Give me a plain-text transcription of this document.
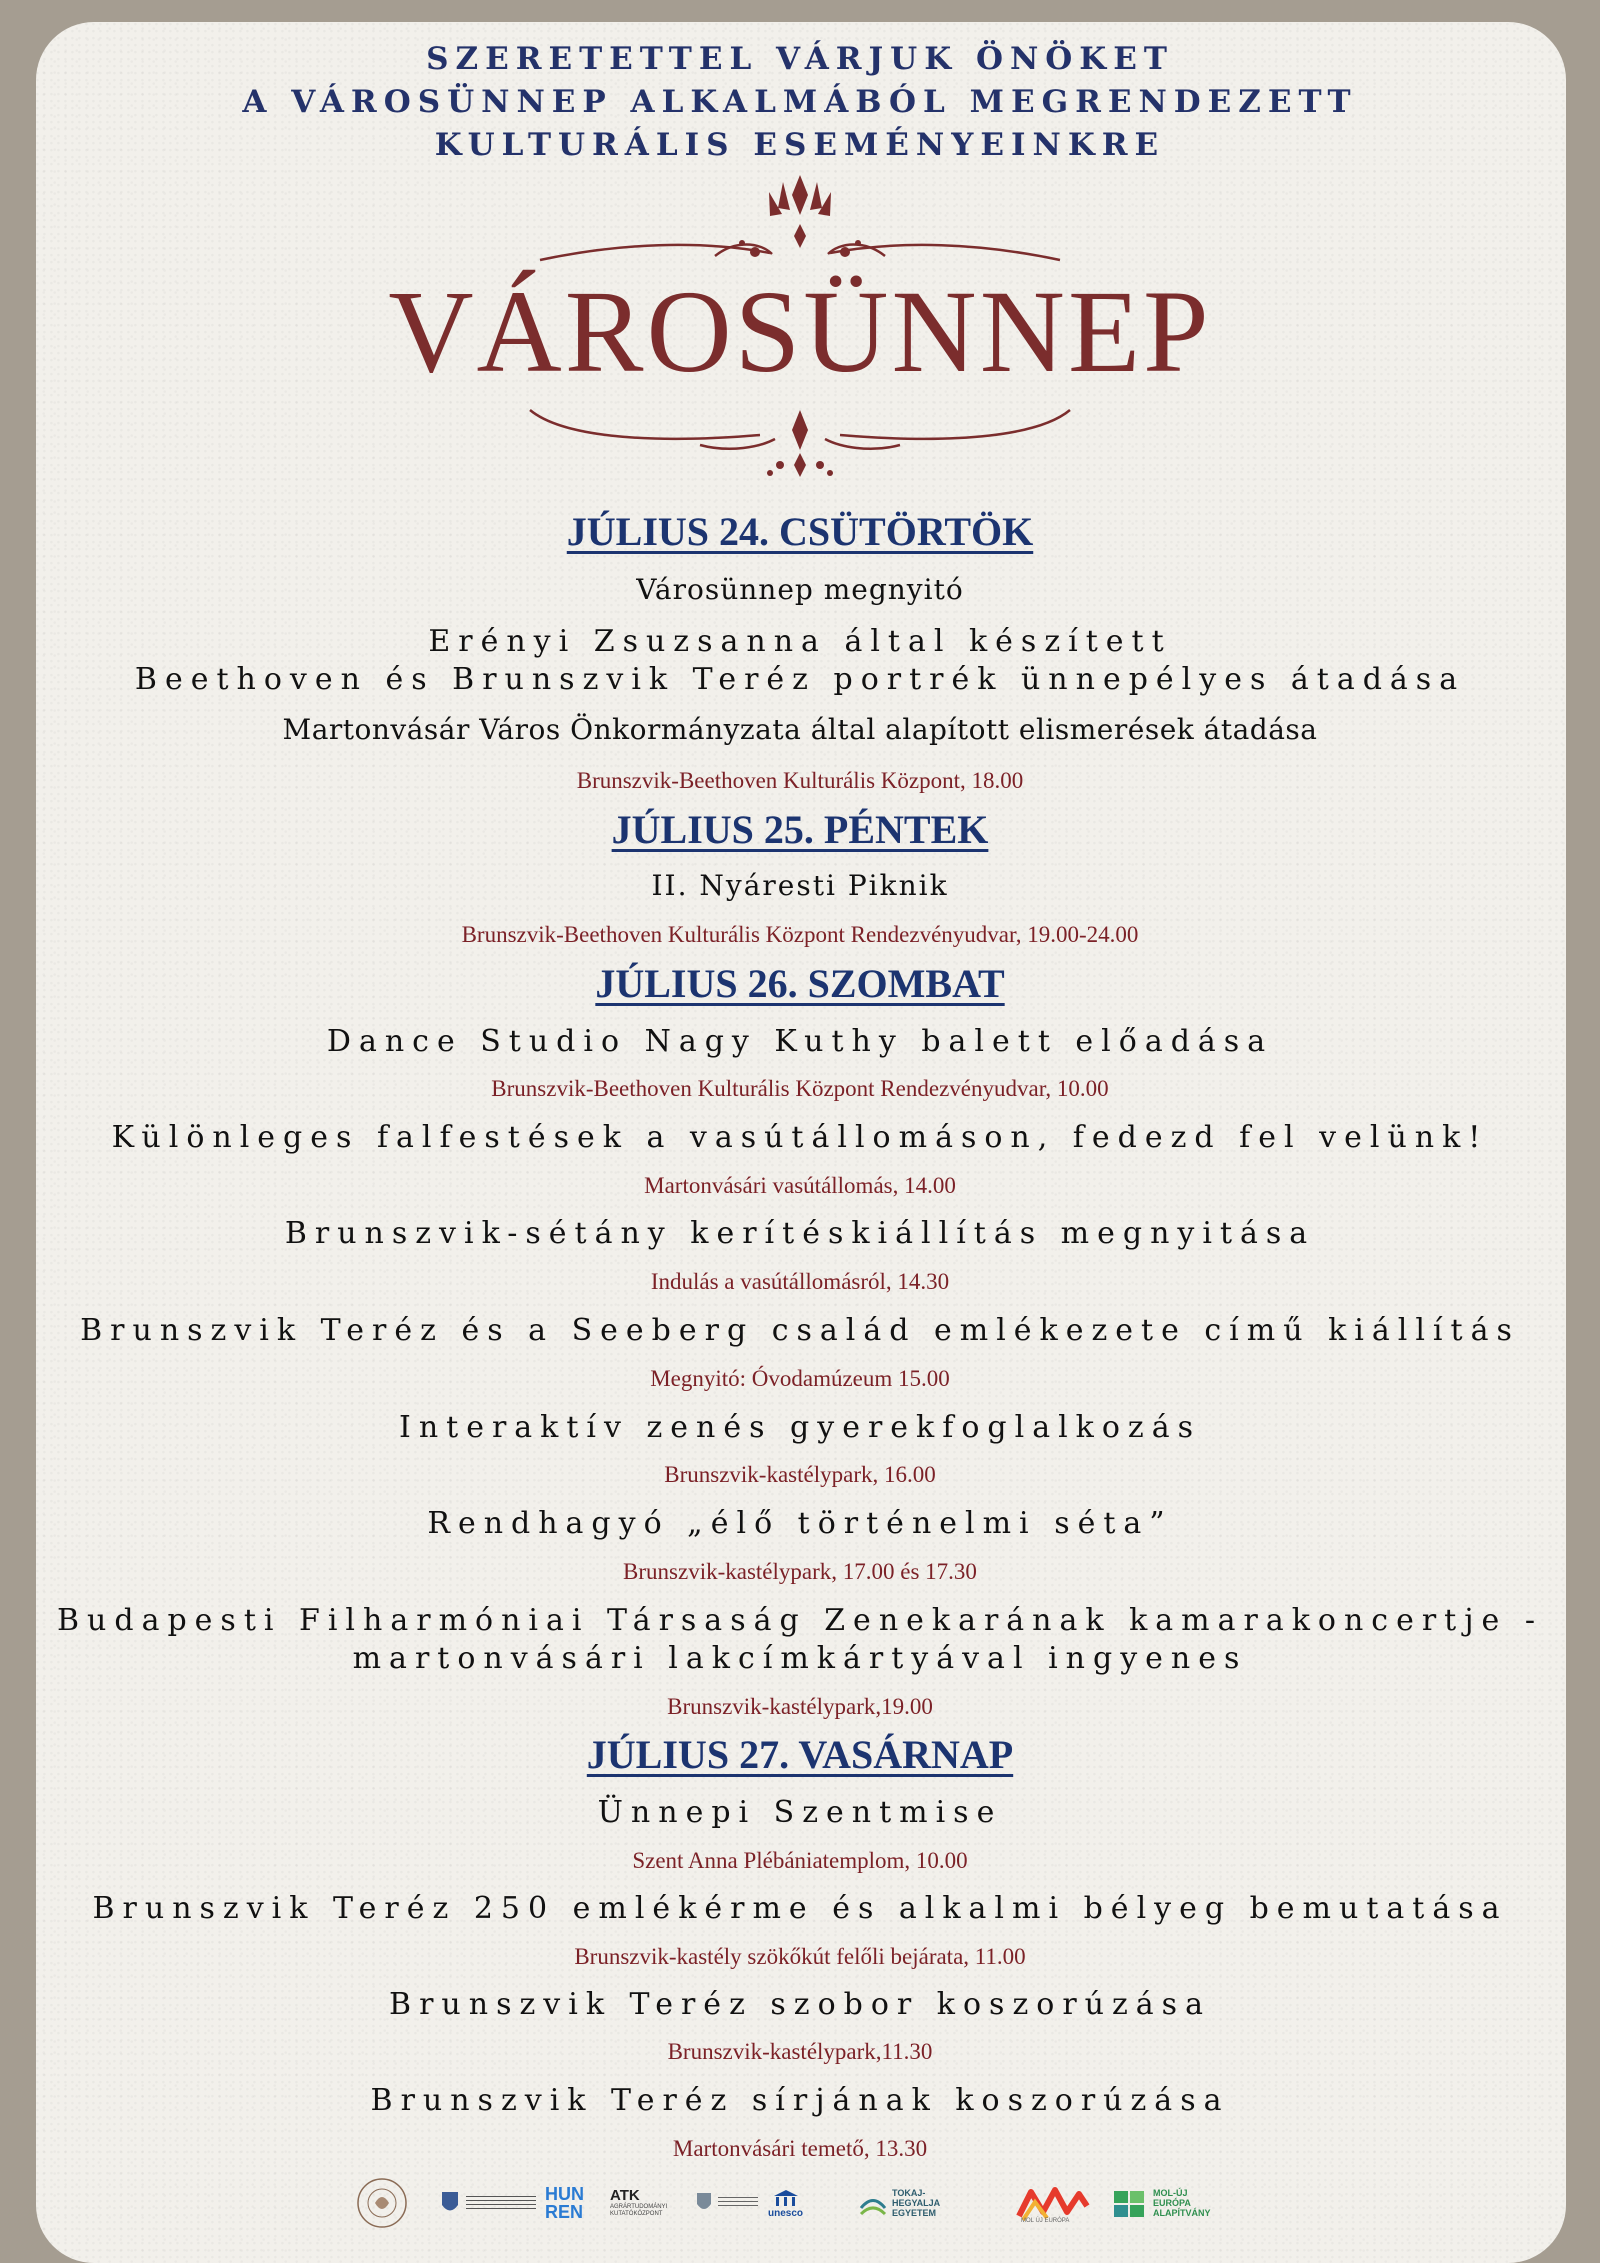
SZERETETTEL VÁRJUK ÖNÖKET
A VÁROSÜNNEP ALKALMÁBÓL MEGRENDEZETT
KULTURÁLIS ESEMÉNYEINKRE
VÁROSÜNNEP
JÚLIUS 24. CSÜTÖRTÖK
Városünnep megnyitó
Erényi Zsuzsanna által készített
Beethoven és Brunszvik Teréz portrék ünnepélyes átadása
Martonvásár Város Önkormányzata által alapított elismerések átadása
Brunszvik-Beethoven Kulturális Központ, 18.00
JÚLIUS 25. PÉNTEK
II. Nyáresti Piknik
Brunszvik-Beethoven Kulturális Központ Rendezvényudvar, 19.00-24.00
JÚLIUS 26. SZOMBAT
Dance Studio Nagy Kuthy balett előadása
Brunszvik-Beethoven Kulturális Központ Rendezvényudvar, 10.00
Különleges falfestések a vasútállomáson, fedezd fel velünk!
Martonvásári vasútállomás, 14.00
Brunszvik-sétány kerítéskiállítás megnyitása
Indulás a vasútállomásról, 14.30
Brunszvik Teréz és a Seeberg család emlékezete című kiállítás
Megnyitó: Óvodamúzeum 15.00
Interaktív zenés gyerekfoglalkozás
Brunszvik-kastélypark, 16.00
Rendhagyó „élő történelmi séta”
Brunszvik-kastélypark, 17.00 és 17.30
Budapesti Filharmóniai Társaság Zenekarának kamarakoncertje -
martonvásári lakcímkártyával ingyenes
Brunszvik-kastélypark,19.00
JÚLIUS 27. VASÁRNAP
Ünnepi Szentmise
Szent Anna Plébániatemplom, 10.00
Brunszvik Teréz 250 emlékérme és alkalmi bélyeg bemutatása
Brunszvik-kastély szökőkút felőli bejárata, 11.00
Brunszvik Teréz szobor koszorúzása
Brunszvik-kastélypark,11.30
Brunszvik Teréz sírjának koszorúzása
Martonvásári temető, 13.30
HUN
REN
ATK
AGRÁRTUDOMÁNYI KUTATÓKÖZPONT	unesco
TOKAJ-HEGYALJA EGYETEM
MOL ÚJ EURÓPA
MOL-ÚJ EURÓPA ALAPÍTVÁNY
